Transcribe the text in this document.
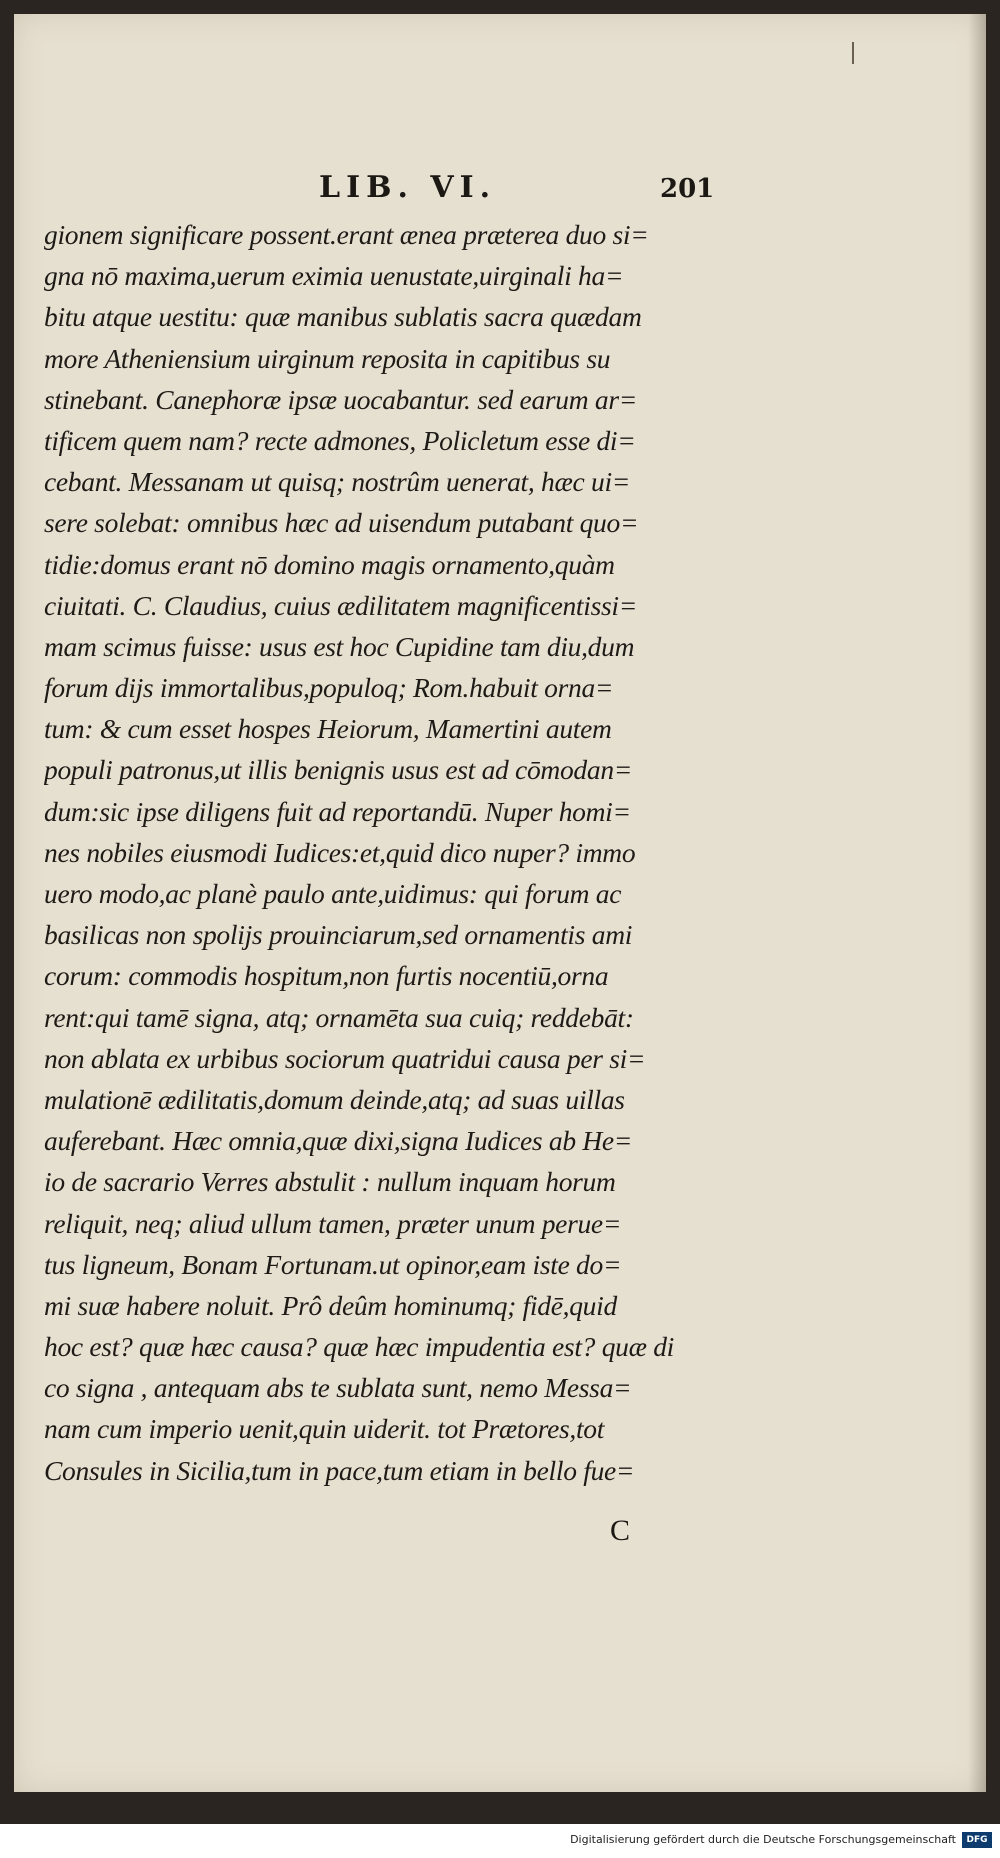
LIB. VI.	201
gionem significare possent.erant ænea præterea duo si=
gna nō maxima,uerum eximia uenustate,uirginali ha=
bitu atque uestitu: quæ manibus sublatis sacra quædam
more Atheniensium uirginum reposita in capitibus su
stinebant. Canephoræ ipsæ uocabantur. sed earum ar=
tificem quem nam? recte admones, Policletum esse di=
cebant. Messanam ut quisq; nostrûm uenerat, hæc ui=
sere solebat: omnibus hæc ad uisendum putabant quo=
tidie:domus erant nō domino magis ornamento,quàm
ciuitati. C. Claudius, cuius ædilitatem magnificentissi=
mam scimus fuisse: usus est hoc Cupidine tam diu,dum
forum dijs immortalibus,populoq; Rom.habuit orna=
tum: & cum esset hospes Heiorum, Mamertini autem
populi patronus,ut illis benignis usus est ad cōmodan=
dum:sic ipse diligens fuit ad reportandū. Nuper homi=
nes nobiles eiusmodi Iudices:et,quid dico nuper? immo
uero modo,ac planè paulo ante,uidimus: qui forum ac
basilicas non spolijs prouinciarum,sed ornamentis ami
corum: commodis hospitum,non furtis nocentiū,orna
rent:qui tamē signa, atq; ornamēta sua cuiq; reddebāt:
non ablata ex urbibus sociorum quatridui causa per si=
mulationē ædilitatis,domum deinde,atq; ad suas uillas
auferebant. Hæc omnia,quæ dixi,signa Iudices ab He=
io de sacrario Verres abstulit : nullum inquam horum
reliquit, neq; aliud ullum tamen, præter unum perue=
tus ligneum, Bonam Fortunam.ut opinor,eam iste do=
mi suæ habere noluit. Prô deûm hominumq; fidē,quid
hoc est? quæ hæc causa? quæ hæc impudentia est? quæ di
co signa , antequam abs te sublata sunt, nemo Messa=
nam cum imperio uenit,quin uiderit. tot Prætores,tot
Consules in Sicilia,tum in pace,tum etiam in bello fue=
C
Digitalisierung gefördert durch die Deutsche Forschungsgemeinschaft	DFG
